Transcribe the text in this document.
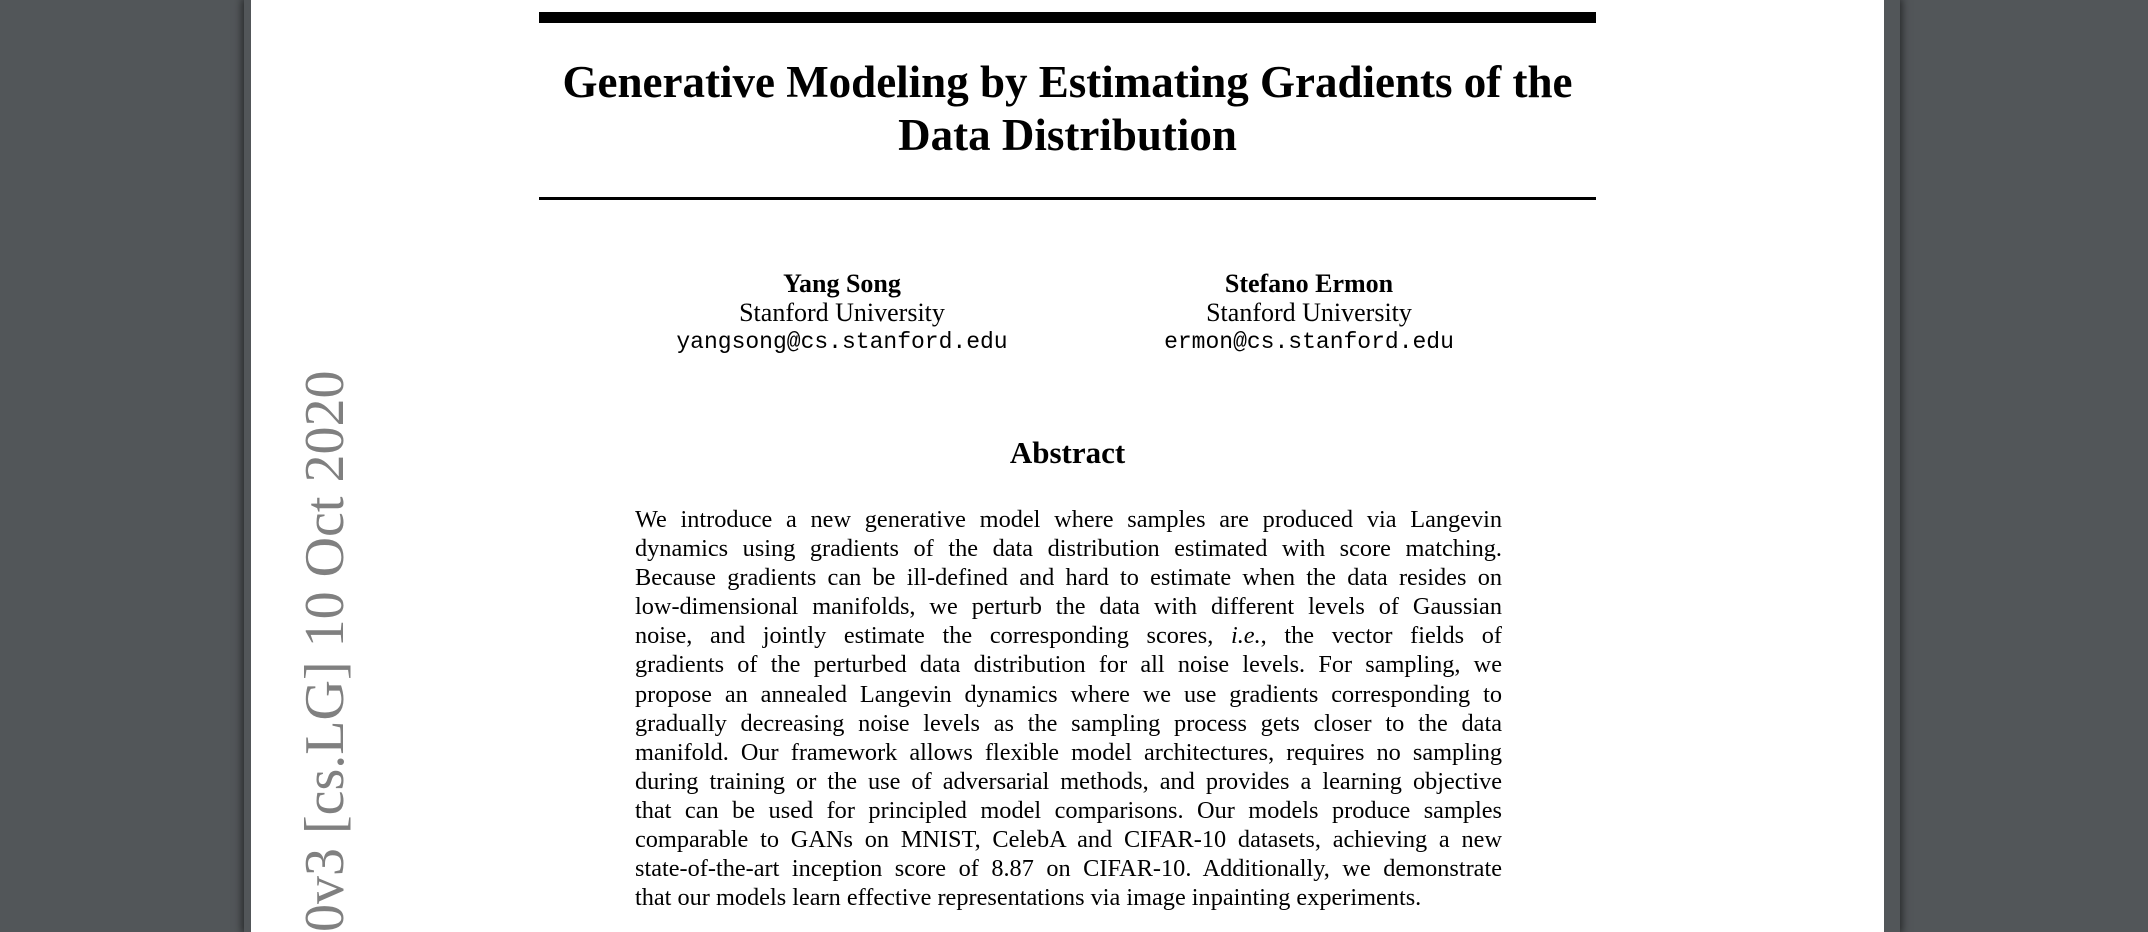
0v3 [cs.LG] 10 Oct 2020
Generative Modeling by Estimating Gradients of the
Data Distribution
Yang Song
Stanford University
yangsong@cs.stanford.edu
Stefano Ermon
Stanford University
ermon@cs.stanford.edu
Abstract
We introduce a new generative model where samples are produced via Langevin
dynamics using gradients of the data distribution estimated with score matching.
Because gradients can be ill-defined and hard to estimate when the data resides on
low-dimensional manifolds, we perturb the data with different levels of Gaussian
noise, and jointly estimate the corresponding scores, i.e., the vector fields of
gradients of the perturbed data distribution for all noise levels. For sampling, we
propose an annealed Langevin dynamics where we use gradients corresponding to
gradually decreasing noise levels as the sampling process gets closer to the data
manifold. Our framework allows flexible model architectures, requires no sampling
during training or the use of adversarial methods, and provides a learning objective
that can be used for principled model comparisons. Our models produce samples
comparable to GANs on MNIST, CelebA and CIFAR-10 datasets, achieving a new
state-of-the-art inception score of 8.87 on CIFAR-10. Additionally, we demonstrate
that our models learn effective representations via image inpainting experiments.
